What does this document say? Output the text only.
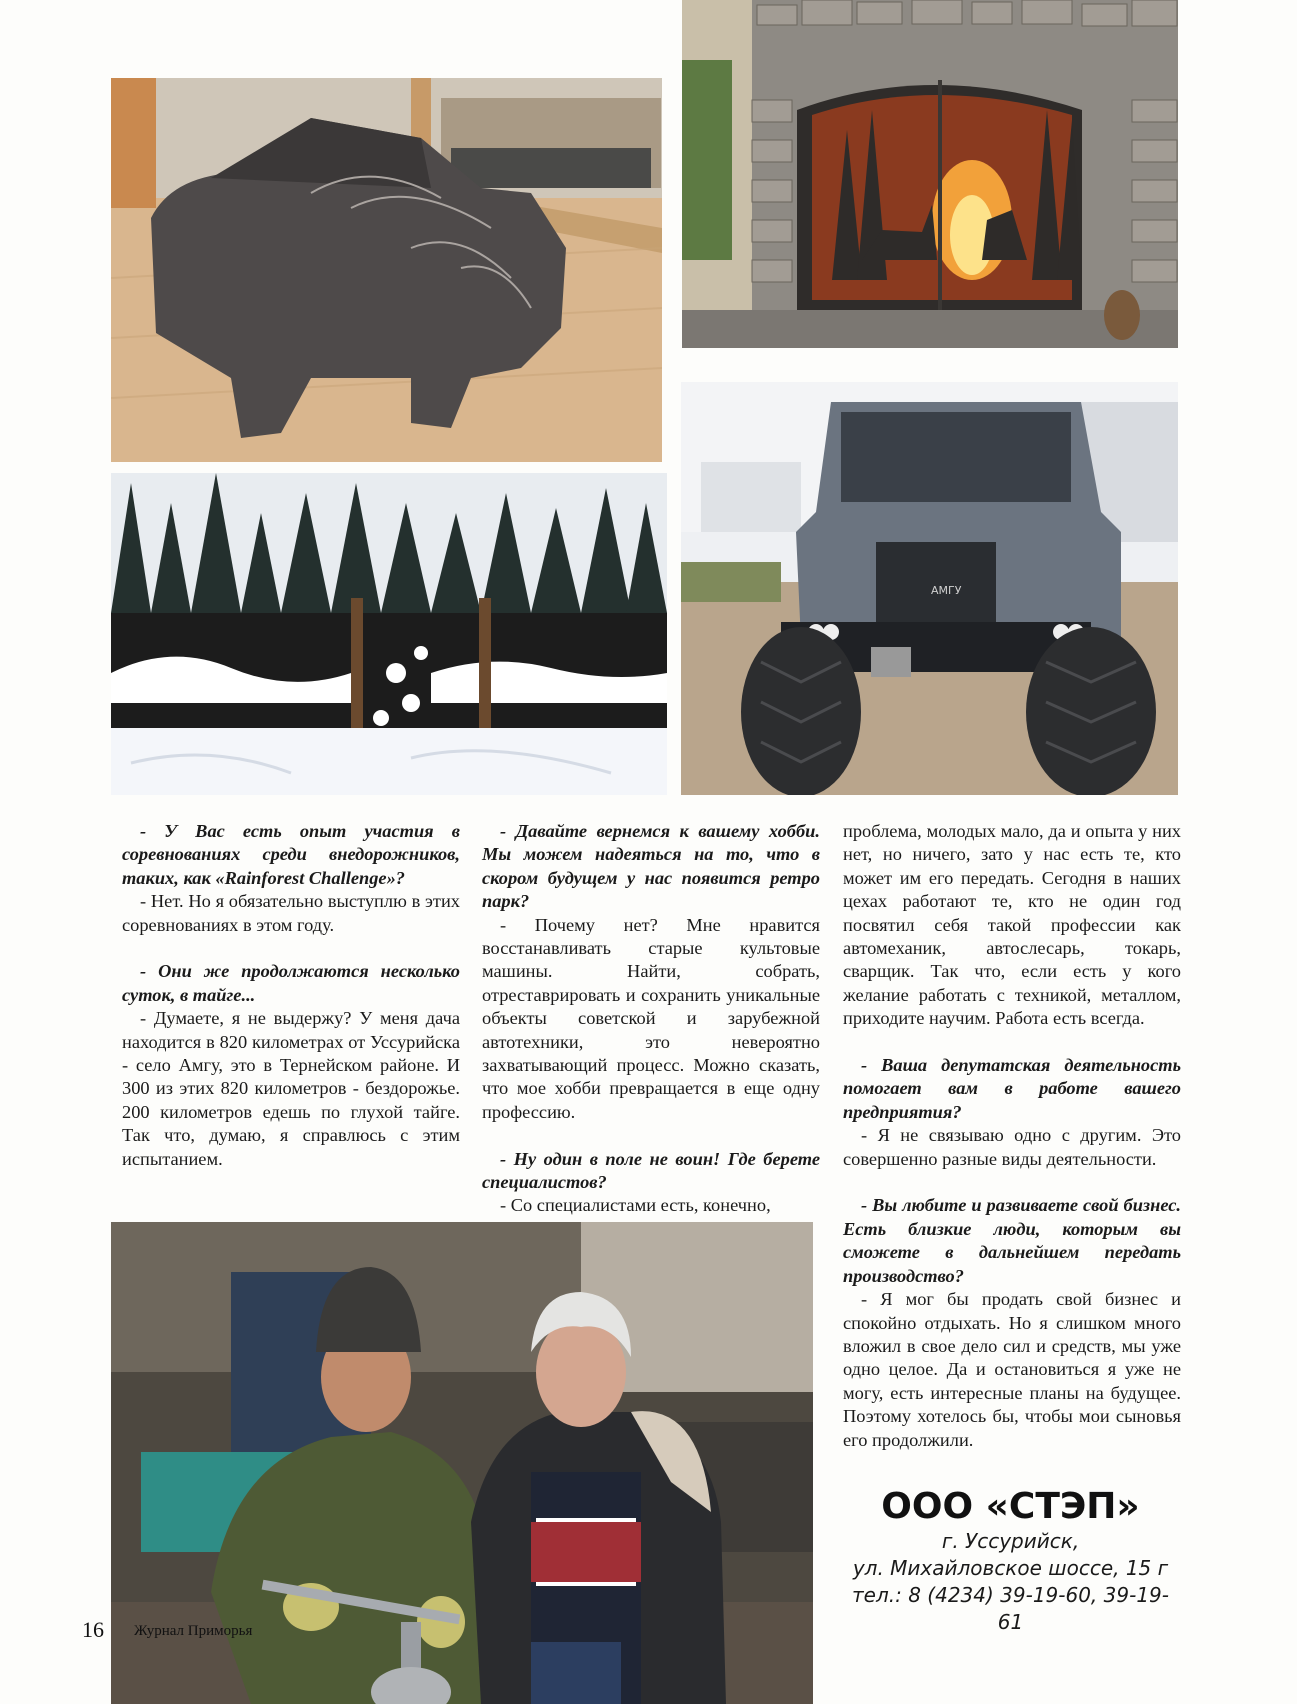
АМГУ

- У Вас есть опыт участия в соревнованиях среди внедорожников, таких, как «Rainforest Challenge»?

- Нет. Но я обязательно выступлю в этих соревнованиях в этом году.

- Они же продолжаются несколько суток, в тайге...

- Думаете, я не выдержу? У меня дача находится в 820 километрах от Уссурийска - село Амгу, это в Тернейском районе. И 300 из этих 820 километров - бездорожье. 200 километров едешь по глухой тайге. Так что, думаю, я справлюсь с этим испытанием.

- Давайте вернемся к вашему хобби. Мы можем надеяться на то, что в скором будущем у нас появится ретро парк?

- Почему нет? Мне нравится восстанавливать старые культовые машины. Найти, собрать, отреставрировать и сохранить уникальные объекты советской и зарубежной автотехники, это невероятно захватывающий процесс. Можно сказать, что мое хобби превращается в еще одну профессию.

- Ну один в поле не воин! Где берете специалистов?

- Со специалистами есть, конечно,

проблема, молодых мало, да и опыта у них нет, но ничего, зато у нас есть те, кто может им его передать. Сегодня в наших цехах работают те, кто не один год посвятил себя такой профессии как автомеханик, автослесарь, токарь, сварщик. Так что, если есть у кого желание работать с техникой, металлом, приходите научим. Работа есть всегда.

- Ваша депутатская деятельность помогает вам в работе вашего предприятия?

- Я не связываю одно с другим. Это совершенно разные виды деятельности.

- Вы любите и развиваете свой бизнес. Есть близкие люди, которым вы сможете в дальнейшем передать производство?

- Я мог бы продать свой бизнес и спокойно отдыхать. Но я слишком много вложил в свое дело сил и средств, мы уже одно целое. Да и остановиться я уже не могу, есть интересные планы на будущее. Поэтому хотелось бы, чтобы мои сыновья его продолжили.

ООО «СТЭП»
г. Уссурийск,
ул. Михайловское шоссе, 15 г
тел.: 8 (4234) 39-19-60, 39-19-61
16 Журнал Приморья
